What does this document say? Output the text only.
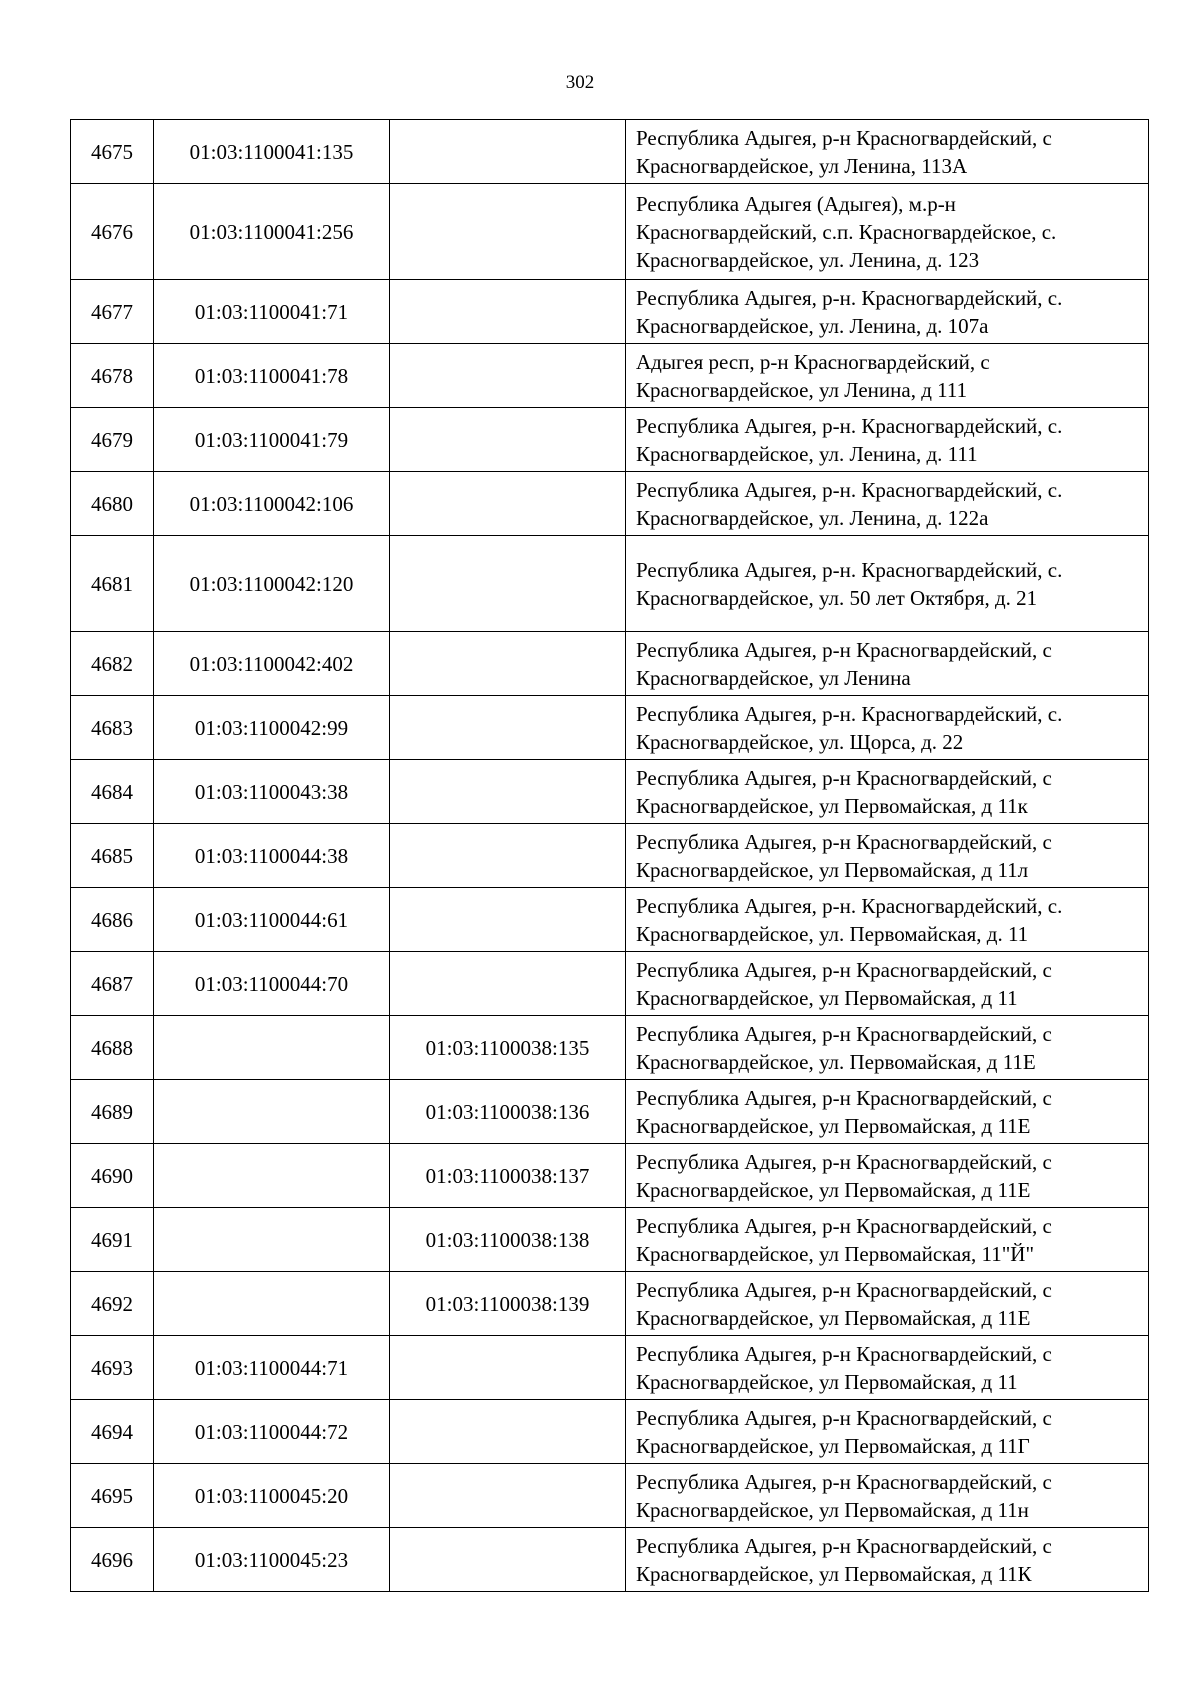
302
4675	01:03:1100041:135		Республика Адыгея, р-н Красногвардейский, с Красногвардейское, ул Ленина, 113А
4676	01:03:1100041:256		Республика Адыгея (Адыгея), м.р-н Красногвардейский, с.п. Красногвардейское, с. Красногвардейское, ул. Ленина, д. 123
4677	01:03:1100041:71		Республика Адыгея, р-н. Красногвардейский, с. Красногвардейское, ул. Ленина, д. 107а
4678	01:03:1100041:78		Адыгея респ, р-н Красногвардейский, с Красногвардейское, ул Ленина, д 111
4679	01:03:1100041:79		Республика Адыгея, р-н. Красногвардейский, с. Красногвардейское, ул. Ленина, д. 111
4680	01:03:1100042:106		Республика Адыгея, р-н. Красногвардейский, с. Красногвардейское, ул. Ленина, д. 122а
4681	01:03:1100042:120		Республика Адыгея, р-н. Красногвардейский, с. Красногвардейское, ул. 50 лет Октября, д. 21
4682	01:03:1100042:402		Республика Адыгея, р-н Красногвардейский, с Красногвардейское, ул Ленина
4683	01:03:1100042:99		Республика Адыгея, р-н. Красногвардейский, с. Красногвардейское, ул. Щорса, д. 22
4684	01:03:1100043:38		Республика Адыгея, р-н Красногвардейский, с Красногвардейское, ул Первомайская, д 11к
4685	01:03:1100044:38		Республика Адыгея, р-н Красногвардейский, с Красногвардейское, ул Первомайская, д 11л
4686	01:03:1100044:61		Республика Адыгея, р-н. Красногвардейский, с. Красногвардейское, ул. Первомайская, д. 11
4687	01:03:1100044:70		Республика Адыгея, р-н Красногвардейский, с Красногвардейское, ул Первомайская, д 11
4688		01:03:1100038:135	Республика Адыгея, р-н Красногвардейский, с Красногвардейское, ул. Первомайская, д 11Е
4689		01:03:1100038:136	Республика Адыгея, р-н Красногвардейский, с Красногвардейское, ул Первомайская, д 11Е
4690		01:03:1100038:137	Республика Адыгея, р-н Красногвардейский, с Красногвардейское, ул Первомайская, д 11Е
4691		01:03:1100038:138	Республика Адыгея, р-н Красногвардейский, с Красногвардейское, ул Первомайская, 11"Й"
4692		01:03:1100038:139	Республика Адыгея, р-н Красногвардейский, с Красногвардейское, ул Первомайская, д 11Е
4693	01:03:1100044:71		Республика Адыгея, р-н Красногвардейский, с Красногвардейское, ул Первомайская, д 11
4694	01:03:1100044:72		Республика Адыгея, р-н Красногвардейский, с Красногвардейское, ул Первомайская, д 11Г
4695	01:03:1100045:20		Республика Адыгея, р-н Красногвардейский, с Красногвардейское, ул Первомайская, д 11н
4696	01:03:1100045:23		Республика Адыгея, р-н Красногвардейский, с Красногвардейское, ул Первомайская, д 11К
